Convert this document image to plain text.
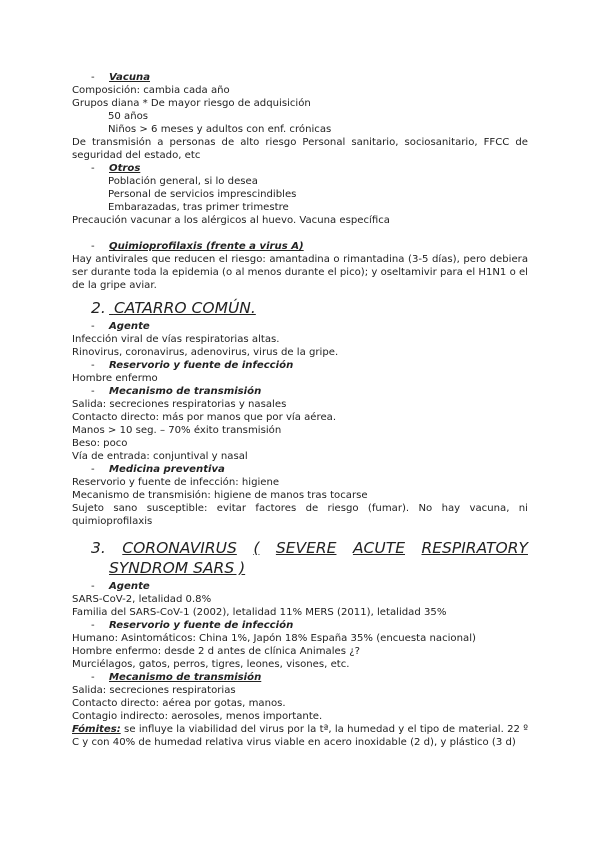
- Vacuna
Composición: cambia cada año
Grupos diana * De mayor riesgo de adquisición
50 años
Niños > 6 meses y adultos con enf. crónicas
De transmisión a personas de alto riesgo Personal sanitario, sociosanitario, FFCC de seguridad del estado, etc
- Otros
Población general, si lo desea
Personal de servicios imprescindibles
Embarazadas, tras primer trimestre
Precaución vacunar a los alérgicos al huevo. Vacuna específica
- Quimioprofilaxis (frente a virus A)
Hay antivirales que reducen el riesgo: amantadina o rimantadina (3-5 días), pero debiera ser durante toda la epidemia (o al menos durante el pico); y oseltamivir para el H1N1 o el de la gripe aviar.
2. CATARRO COMÚN.
- Agente
Infección viral de vías respiratorias altas.
Rinovirus, coronavirus, adenovirus, virus de la gripe.
- Reservorio y fuente de infección
Hombre enfermo
- Mecanismo de transmisión
Salida: secreciones respiratorias y nasales
Contacto directo: más por manos que por vía aérea.
Manos > 10 seg. – 70% éxito transmisión
Beso: poco
Vía de entrada: conjuntival y nasal
- Medicina preventiva
Reservorio y fuente de infección: higiene
Mecanismo de transmisión: higiene de manos tras tocarse
Sujeto sano susceptible: evitar factores de riesgo (fumar). No hay vacuna, ni quimioprofilaxis
3. CORONAVIRUS ( SEVERE ACUTE RESPIRATORY
SYNDROM SARS )
- Agente
SARS-CoV-2, letalidad 0.8%
Familia del SARS-CoV-1 (2002), letalidad 11% MERS (2011), letalidad 35%
- Reservorio y fuente de infección
Humano: Asintomáticos: China 1%, Japón 18% España 35% (encuesta nacional)
Hombre enfermo: desde 2 d antes de clínica Animales ¿?
Murciélagos, gatos, perros, tigres, leones, visones, etc.
- Mecanismo de transmisión
Salida: secreciones respiratorias
Contacto directo: aérea por gotas, manos.
Contagio indirecto: aerosoles, menos importante.
Fómites: se influye la viabilidad del virus por la tª, la humedad y el tipo de material. 22 º C y con 40% de humedad relativa virus viable en acero inoxidable (2 d), y plástico (3 d)
